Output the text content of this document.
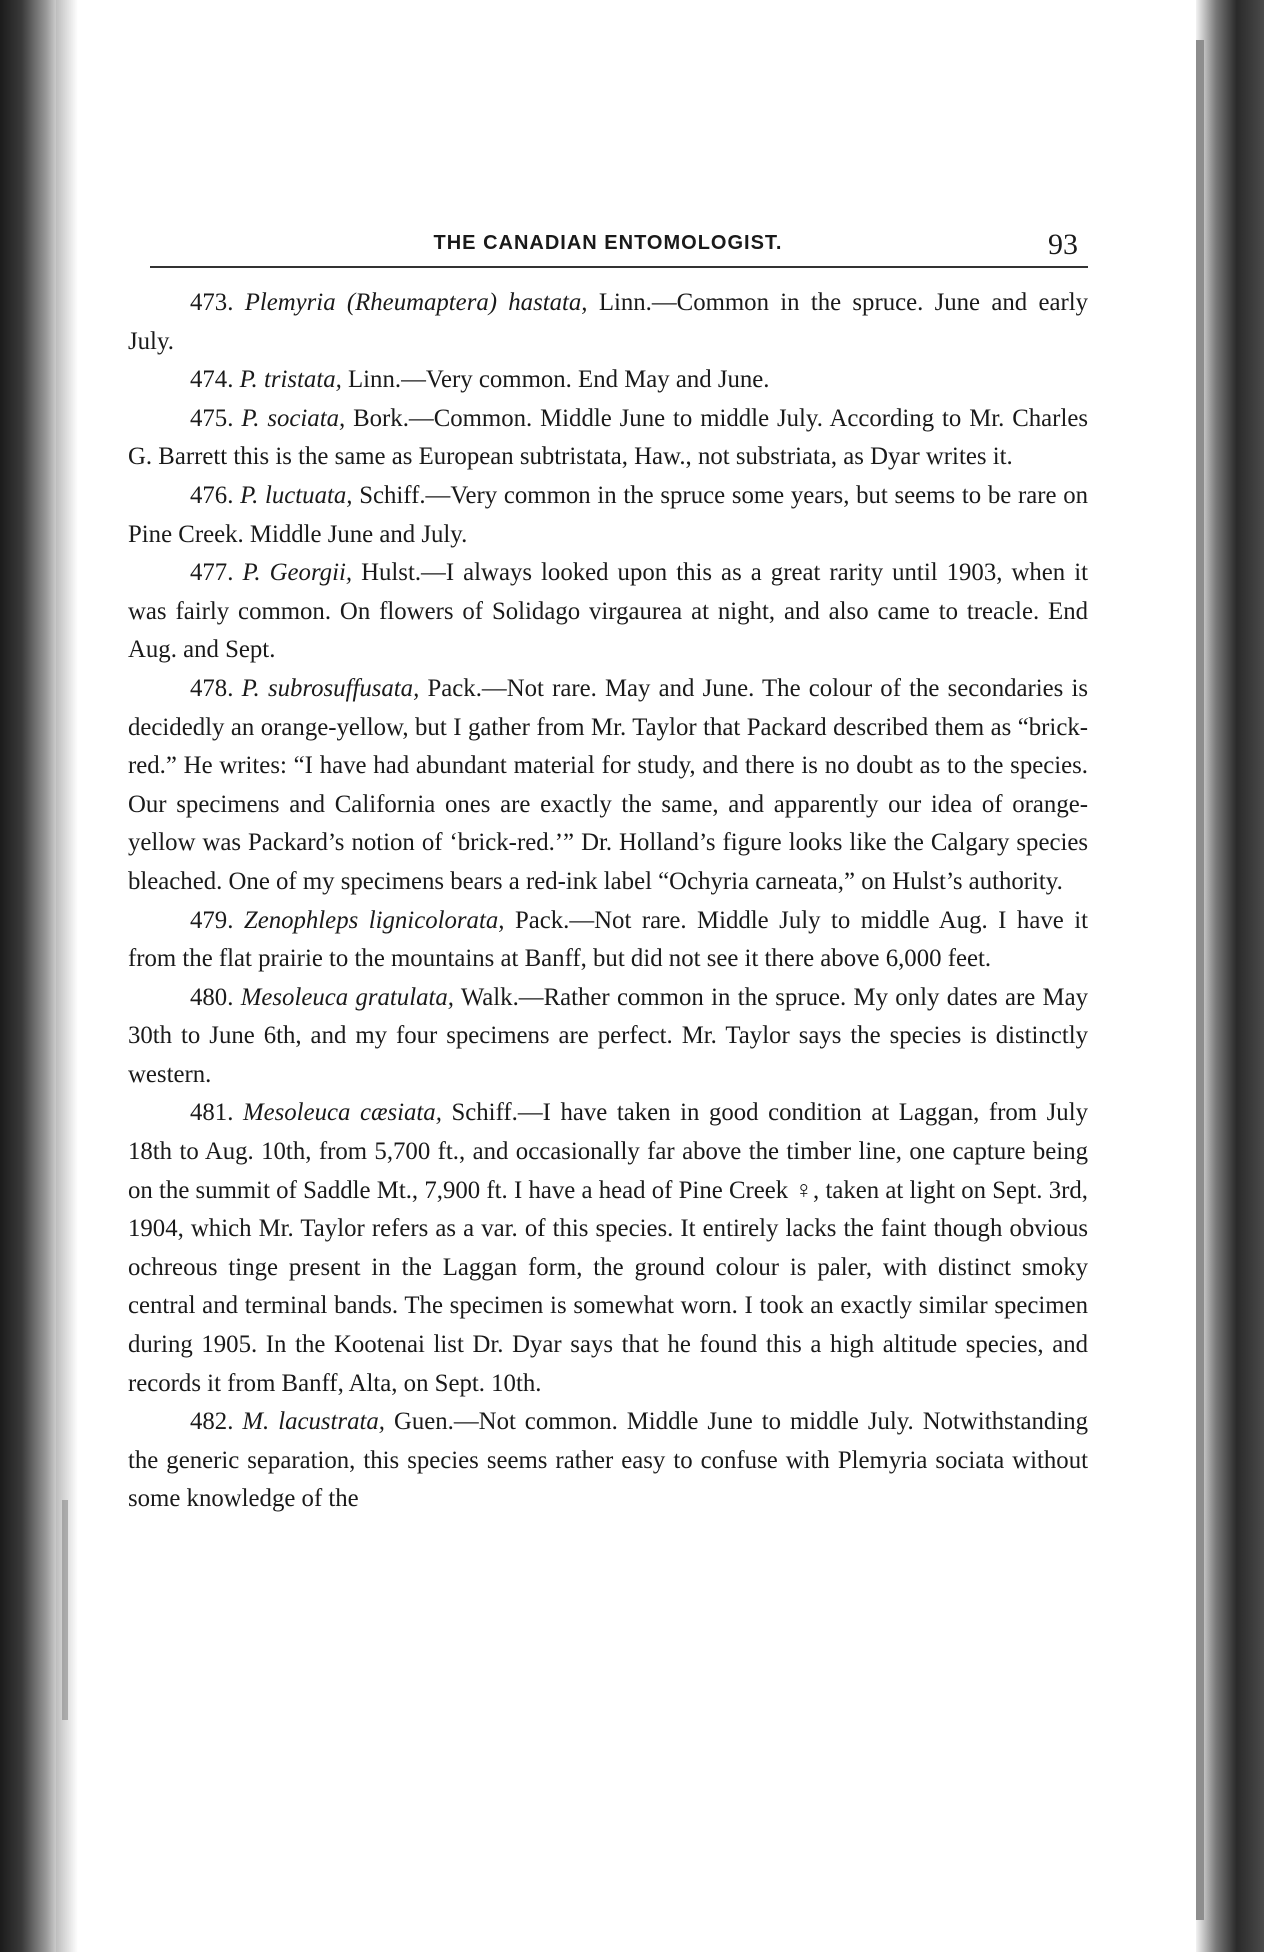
THE CANADIAN ENTOMOLOGIST.	93

473. Plemyria (Rheumaptera) hastata, Linn.—Common in the spruce. June and early July.

474. P. tristata, Linn.—Very common. End May and June.

475. P. sociata, Bork.—Common. Middle June to middle July. According to Mr. Charles G. Barrett this is the same as European subtristata, Haw., not substriata, as Dyar writes it.

476. P. luctuata, Schiff.—Very common in the spruce some years, but seems to be rare on Pine Creek. Middle June and July.

477. P. Georgii, Hulst.—I always looked upon this as a great rarity until 1903, when it was fairly common. On flowers of Solidago virgaurea at night, and also came to treacle. End Aug. and Sept.

478. P. subrosuffusata, Pack.—Not rare. May and June. The colour of the secondaries is decidedly an orange-yellow, but I gather from Mr. Taylor that Packard described them as “brick-red.” He writes: “I have had abundant material for study, and there is no doubt as to the species. Our specimens and California ones are exactly the same, and apparently our idea of orange-yellow was Packard’s notion of ‘brick-red.’” Dr. Holland’s figure looks like the Calgary species bleached. One of my specimens bears a red-ink label “Ochyria carneata,” on Hulst’s authority.

479. Zenophleps lignicolorata, Pack.—Not rare. Middle July to middle Aug. I have it from the flat prairie to the mountains at Banff, but did not see it there above 6,000 feet.

480. Mesoleuca gratulata, Walk.—Rather common in the spruce. My only dates are May 30th to June 6th, and my four specimens are perfect. Mr. Taylor says the species is distinctly western.

481. Mesoleuca cæsiata, Schiff.—I have taken in good condition at Laggan, from July 18th to Aug. 10th, from 5,700 ft., and occasionally far above the timber line, one capture being on the summit of Saddle Mt., 7,900 ft. I have a head of Pine Creek ♀, taken at light on Sept. 3rd, 1904, which Mr. Taylor refers as a var. of this species. It entirely lacks the faint though obvious ochreous tinge present in the Laggan form, the ground colour is paler, with distinct smoky central and terminal bands. The specimen is somewhat worn. I took an exactly similar specimen during 1905. In the Kootenai list Dr. Dyar says that he found this a high altitude species, and records it from Banff, Alta, on Sept. 10th.

482. M. lacustrata, Guen.—Not common. Middle June to middle July. Notwithstanding the generic separation, this species seems rather easy to confuse with Plemyria sociata without some knowledge of the
